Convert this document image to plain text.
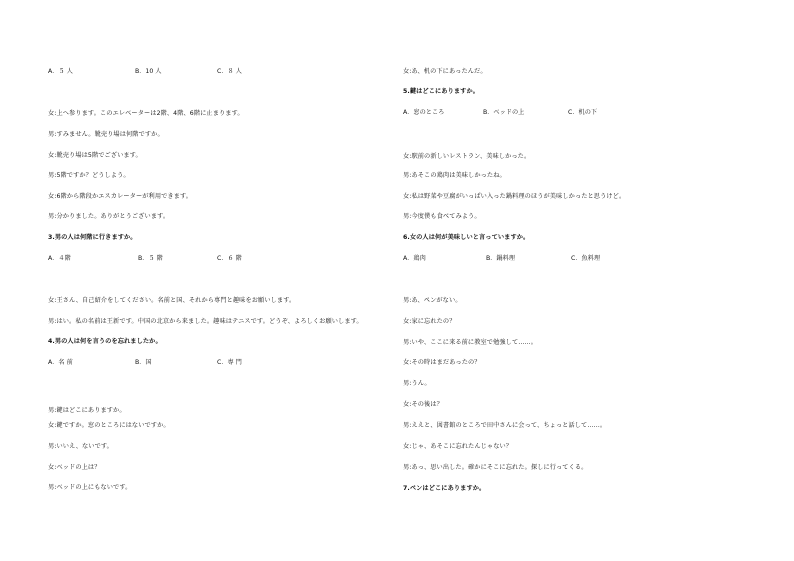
A．５ 人	B．10 人	C．８ 人
女:上へ参ります。このエレベーターは2階、4階、6階に止まります。
男:すみません。靴売り場は何階ですか。
女:靴売り場は5階でございます。
男:5階ですか？どうしよう。
女:6階から階段かエスカレーターが利用できます。
男:分かりました。ありがとうございます。
3.男の人は何階に行きますか。
A．４階	B．５ 階	C．６ 階
女:王さん、自己紹介をしてください。名前と国、それから専門と趣味をお願いします。
男:はい。私の名前は王新です。中国の北京から来ました。趣味はテニスです。どうぞ、よろしくお願いします。
4.男の人は何を言うのを忘れましたか。
A．名 前	B．国	C．専 門
男:鍵はどこにありますか。
女:鍵ですか。窓のところにはないですか。
男:いいえ、ないです。
女:ベッドの上は？
男:ベッドの上にもないです。
女:あ、机の下にあったんだ。
5.鍵はどこにありますか。
A．窓のところ	B．ベッドの上	C．机の下
女:駅前の新しいレストラン、美味しかった。
男:あそこの鶏肉は美味しかったね。
女:私は野菜や豆腐がいっぱい入った鍋料理のほうが美味しかったと思うけど。
男:今度僕も食べてみよう。
6.女の人は何が美味しいと言っていますか。
A．鶏肉	B．鍋料理	C．魚料理
男:あ、ペンがない。
女:家に忘れたの？
男:いや、ここに来る前に教室で勉強して……。
女:その時はまだあったの？
男:うん。
女:その後は？
男:ええと、図書館のところで田中さんに会って、ちょっと話して……。
女:じゃ、あそこに忘れたんじゃない？
男:あっ、思い出した。確かにそこに忘れた。探しに行ってくる。
7.ペンはどこにありますか。
